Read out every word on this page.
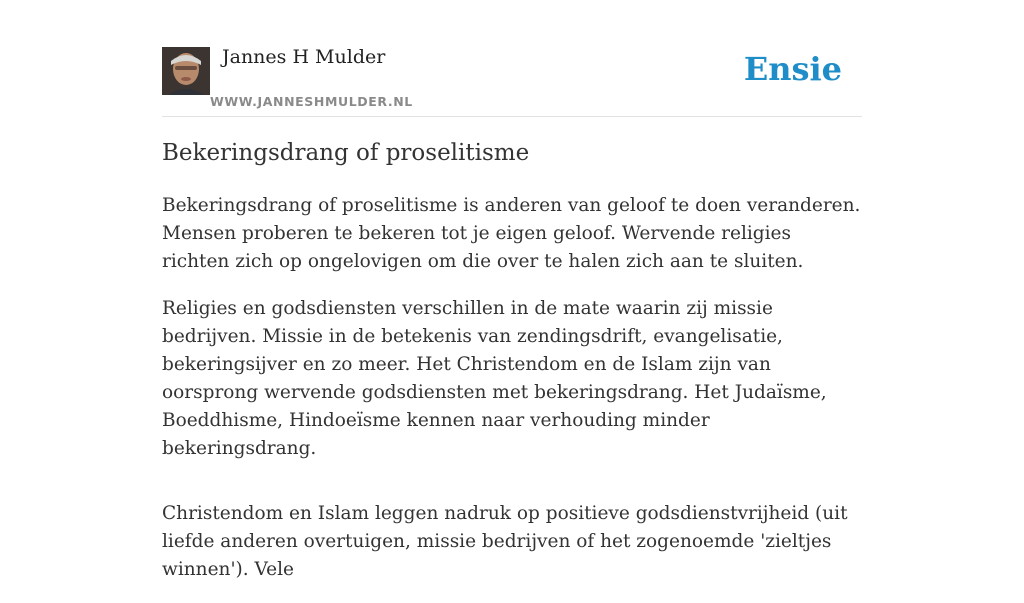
Jannes H Mulder
WWW.JANNESHMULDER.NL
Ensie
Bekeringsdrang of proselitisme

Bekeringsdrang of proselitisme is anderen van geloof te doen veranderen. Mensen proberen te bekeren tot je eigen geloof. Wervende religies richten zich op ongelovigen om die over te halen zich aan te sluiten.

Religies en godsdiensten verschillen in de mate waarin zij missie bedrijven. Missie in de betekenis van zendingsdrift, evangelisatie, bekeringsijver en zo meer. Het Christendom en de Islam zijn van oorsprong wervende godsdiensten met bekeringsdrang. Het Judaïsme, Boeddhisme, Hindoeïsme kennen naar verhouding minder bekeringsdrang.

Christendom en Islam leggen nadruk op positieve godsdienstvrijheid (uit liefde anderen overtuigen, missie bedrijven of het zogenoemde 'zieltjes winnen'). Vele
